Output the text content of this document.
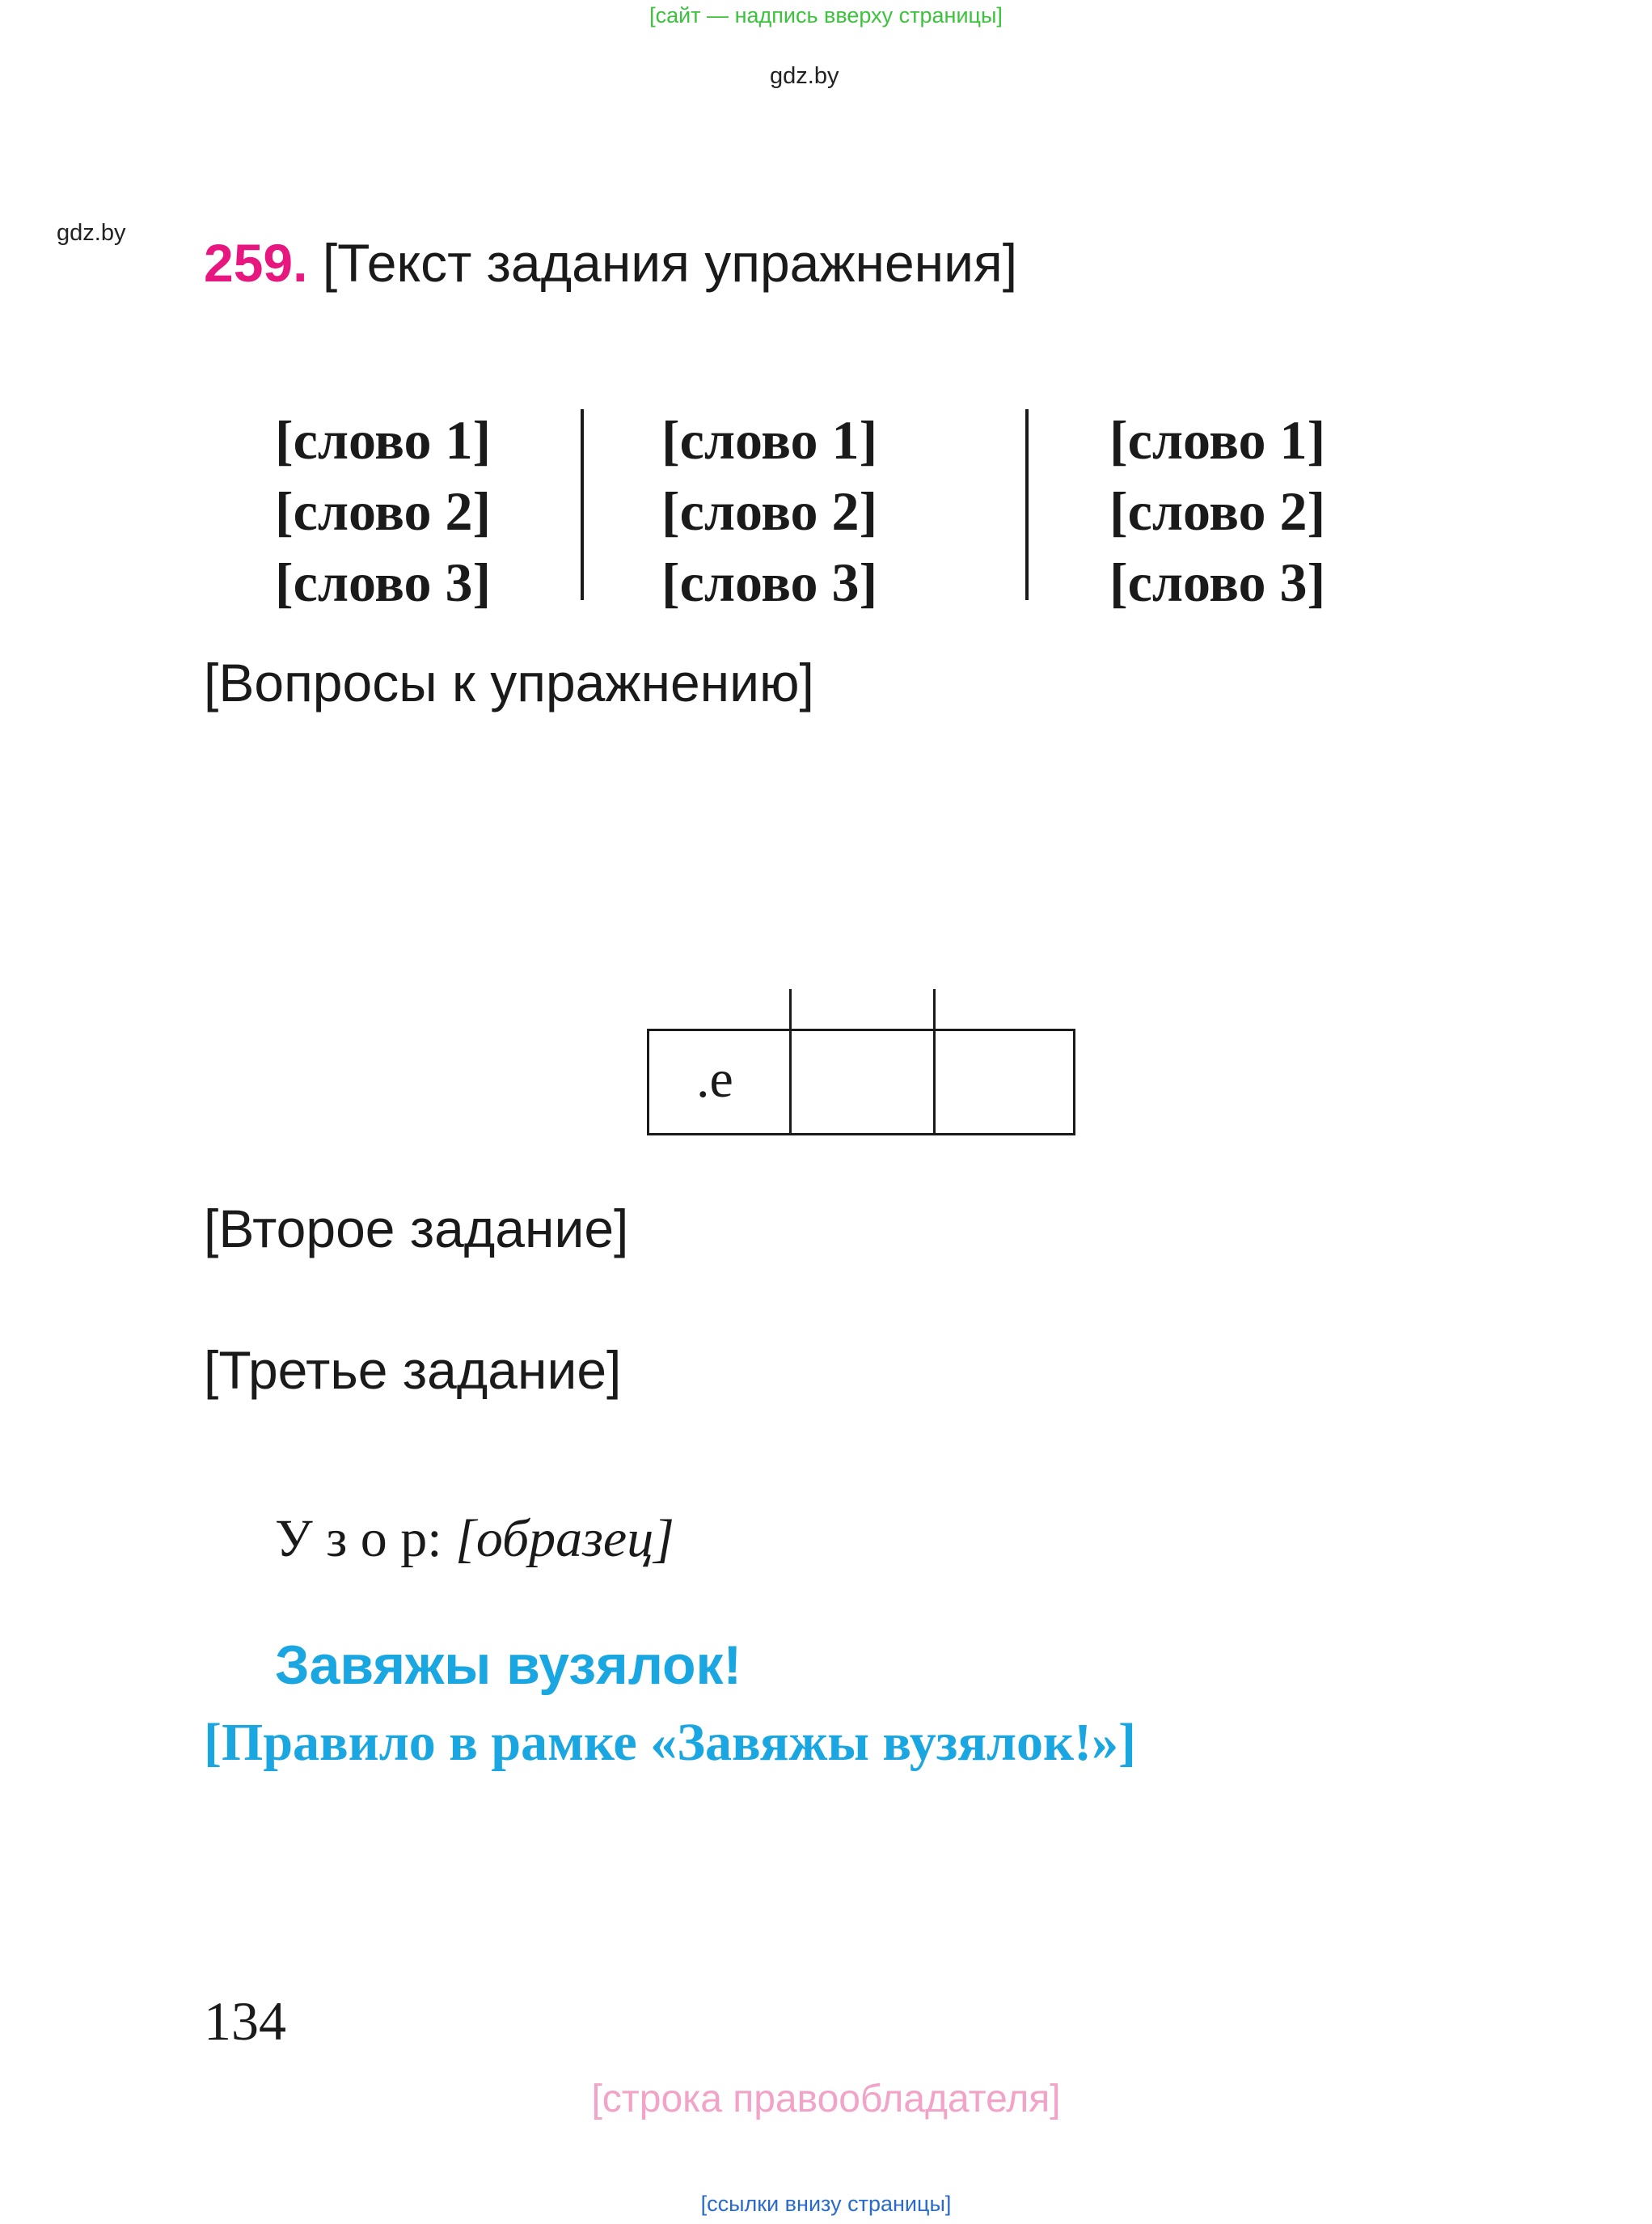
[сайт — надпись вверху страницы]
gdz.by
gdz.by 259. [Текст задания упражнения]
[слово 1]
[слово 2]
[слово 3]
[слово 1]
[слово 2]
[слово 3]
[слово 1]
[слово 2]
[слово 3]
[Вопросы к упражнению]
.е
[Второе задание]
[Третье задание]
У з о р: [образец]
Завяжы вузялок!
[Правило в рамке «Завяжы вузялок!»]
134
[строка правообладателя]
[ссылки внизу страницы]
